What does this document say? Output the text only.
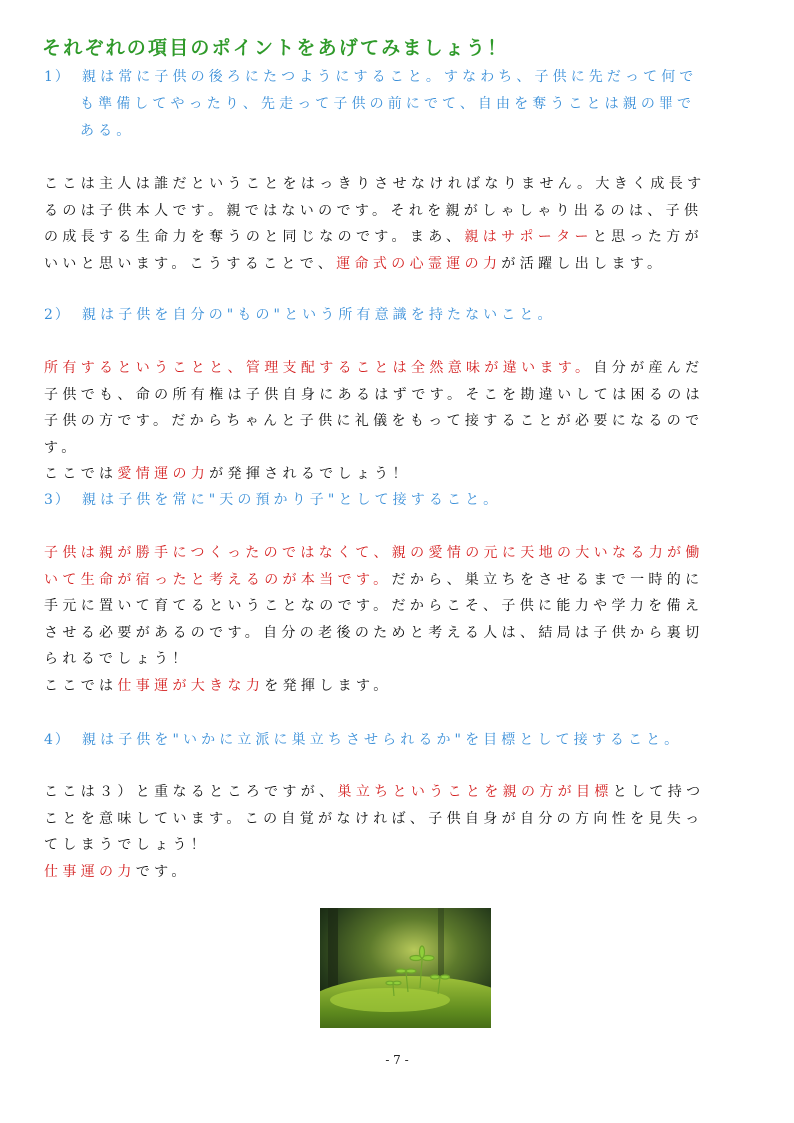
それぞれの項目のポイントをあげてみましょう！
1） 親は常に子供の後ろにたつようにすること。すなわち、子供に先だって何で
も準備してやったり、先走って子供の前にでて、自由を奪うことは親の罪で
ある。
ここは主人は誰だということをはっきりさせなければなりません。大きく成長す
るのは子供本人です。親ではないのです。それを親がしゃしゃり出るのは、子供
の成長する生命力を奪うのと同じなのです。まあ、親はサポーターと思った方が
いいと思います。こうすることで、運命式の心霊運の力が活躍し出します。
2） 親は子供を自分の"もの"という所有意識を持たないこと。
所有するということと、管理支配することは全然意味が違います。自分が産んだ
子供でも、命の所有権は子供自身にあるはずです。そこを勘違いしては困るのは
子供の方です。だからちゃんと子供に礼儀をもって接することが必要になるので
す。
ここでは愛情運の力が発揮されるでしょう！
3） 親は子供を常に"天の預かり子"として接すること。
子供は親が勝手につくったのではなくて、親の愛情の元に天地の大いなる力が働
いて生命が宿ったと考えるのが本当です。だから、巣立ちをさせるまで一時的に
手元に置いて育てるということなのです。だからこそ、子供に能力や学力を備え
させる必要があるのです。自分の老後のためと考える人は、結局は子供から裏切
られるでしょう！
ここでは仕事運が大きな力を発揮します。
4） 親は子供を"いかに立派に巣立ちさせられるか"を目標として接すること。
ここは３）と重なるところですが、巣立ちということを親の方が目標として持つ
ことを意味しています。この自覚がなければ、子供自身が自分の方向性を見失っ
てしまうでしょう！
仕事運の力です。
- 7 -
